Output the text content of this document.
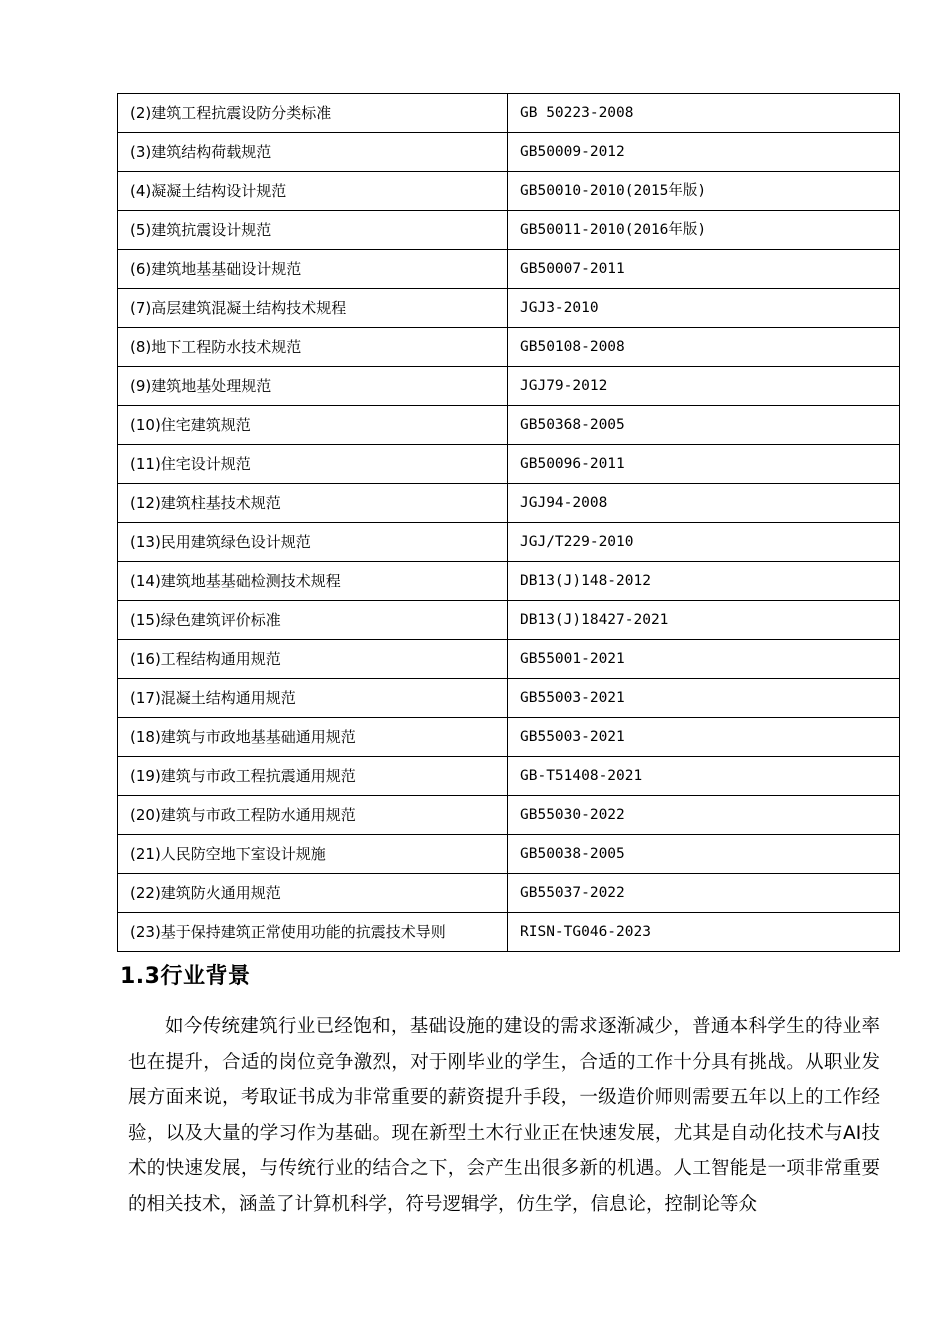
(2)建筑工程抗震设防分类标准	GB 50223-2008
(3)建筑结构荷载规范	GB50009-2012
(4)凝凝土结构设计规范	GB50010-2010(2015年版)
(5)建筑抗震设计规范	GB50011-2010(2016年版)
(6)建筑地基基础设计规范	GB50007-2011
(7)高层建筑混凝土结构技术规程	JGJ3-2010
(8)地下工程防水技术规范	GB50108-2008
(9)建筑地基处理规范	JGJ79-2012
(10)住宅建筑规范	GB50368-2005
(11)住宅设计规范	GB50096-2011
(12)建筑柱基技术规范	JGJ94-2008
(13)民用建筑绿色设计规范	JGJ/T229-2010
(14)建筑地基基础检测技术规程	DB13(J)148-2012
(15)绿色建筑评价标准	DB13(J)18427-2021
(16)工程结构通用规范	GB55001-2021
(17)混凝土结构通用规范	GB55003-2021
(18)建筑与市政地基基础通用规范	GB55003-2021
(19)建筑与市政工程抗震通用规范	GB-T51408-2021
(20)建筑与市政工程防水通用规范	GB55030-2022
(21)人民防空地下室设计规施	GB50038-2005
(22)建筑防火通用规范	GB55037-2022
(23)基于保持建筑正常使用功能的抗震技术导则	RISN-TG046-2023
1.3行业背景

如今传统建筑行业已经饱和，基础设施的建设的需求逐渐减少，普通本科学生的待业率也在提升，合适的岗位竞争激烈，对于刚毕业的学生，合适的工作十分具有挑战。从职业发展方面来说，考取证书成为非常重要的薪资提升手段，一级造价师则需要五年以上的工作经验，以及大量的学习作为基础。现在新型土木行业正在快速发展，尤其是自动化技术与AI技术的快速发展，与传统行业的结合之下，会产生出很多新的机遇。人工智能是一项非常重要的相关技术，涵盖了计算机科学，符号逻辑学，仿生学，信息论，控制论等众
